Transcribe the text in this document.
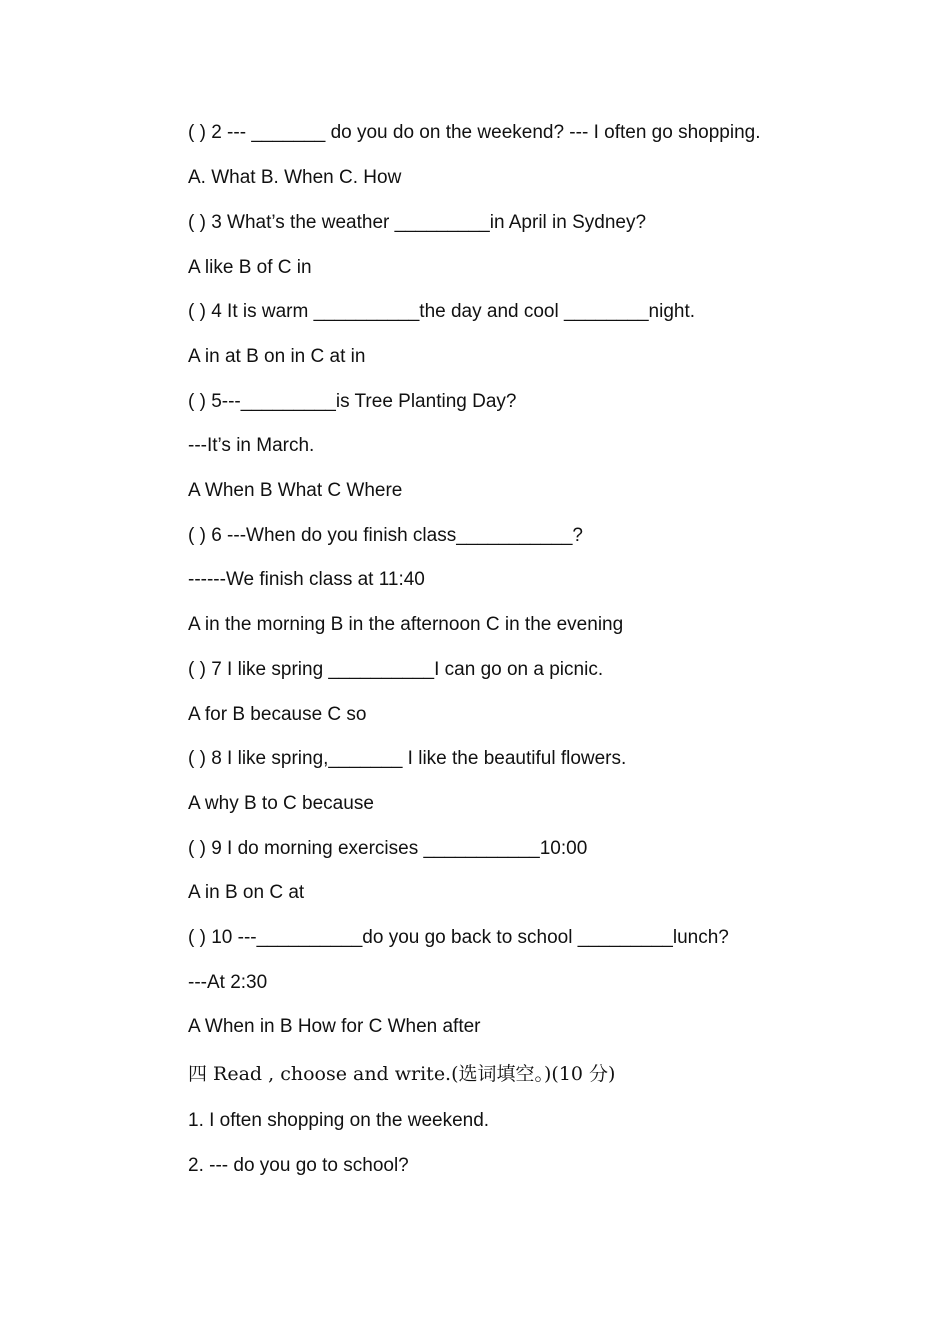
( ) 2 --- _______ do you do on the weekend? --- I often go shopping.
A. What B. When C. How
( ) 3 What’s the weather _________in April in Sydney?
A like B of C in
( ) 4 It is warm __________the day and cool ________night.
A in at B on in C at in
( ) 5---_________is Tree Planting Day?
---It’s in March.
A When B What C Where
( ) 6 ---When do you finish class___________?
------We finish class at 11:40
A in the morning B in the afternoon C in the evening
( ) 7 I like spring __________I can go on a picnic.
A for B because C so
( ) 8 I like spring,_______ I like the beautiful flowers.
A why B to C because
( ) 9 I do morning exercises ___________10:00
A in B on C at
( ) 10 ---__________do you go back to school _________lunch?
---At 2:30
A When in B How for C When after
四 Read , choose and write.(选词填空。)(10 分)
1. I often shopping on the weekend.
2. --- do you go to school?
